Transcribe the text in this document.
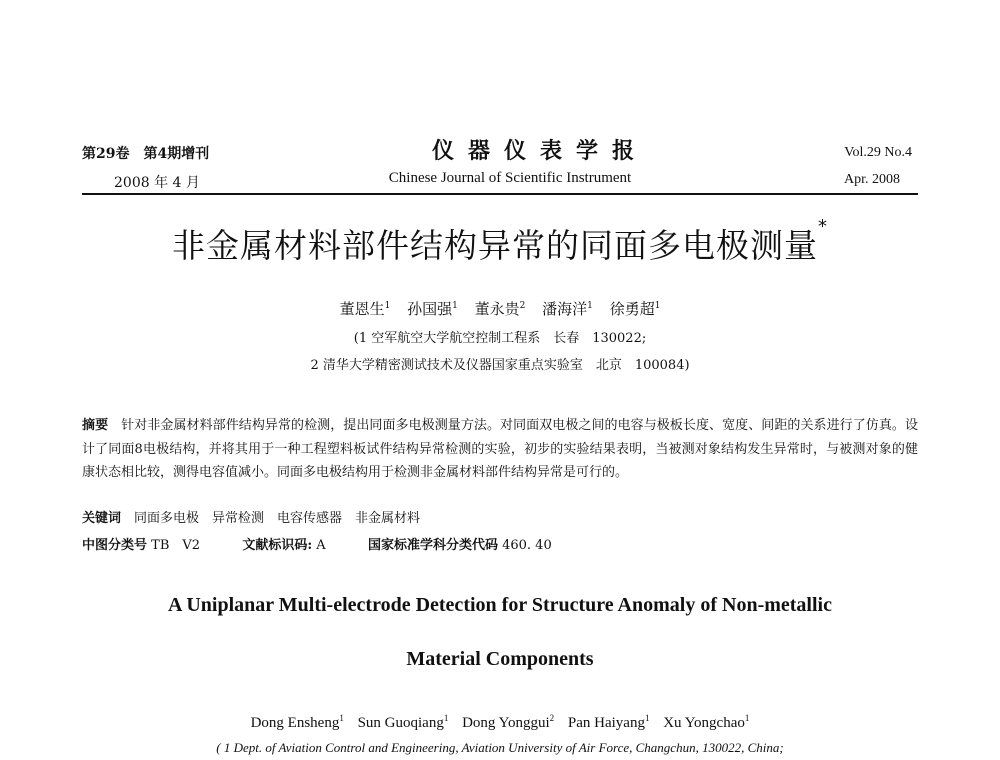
第29卷　第4期增刊
2008 年 4 月
仪器仪表学报
Chinese Journal of Scientific Instrument
Vol.29 No.4
Apr. 2008
非金属材料部件结构异常的同面多电极测量*
董恩生$^1$ 孙国强$^1$ 董永贵$^2$ 潘海洋$^1$ 徐勇超$^1$
(1 空军航空大学航空控制工程系　长春　130022;
2 清华大学精密测试技术及仪器国家重点实验室　北京　100084)
摘要　 针对非金属材料部件结构异常的检测，提出同面多电极测量方法。对同面双电极之间的电容与极板长度、宽度、间距的关系进行了仿真。设计了同面8电极结构，并将其用于一种工程塑料板试件结构异常检测的实验，初步的实验结果表明，当被测对象结构发生异常时，与被测对象的健康状态相比较，测得电容值减小。同面多电极结构用于检测非金属材料部件结构异常是可行的。
关键词　 同面多电极　异常检测　电容传感器　非金属材料
中图分类号 TB　V2	文献标识码: A	国家标准学科分类代码 460. 40
A Uniplanar Multi-electrode Detection for Structure Anomaly of Non-metallic
Material Components
Dong Ensheng$^1$ Sun Guoqiang$^1$ Dong Yonggui$^2$ Pan Haiyang$^1$ Xu Yongchao$^1$
( 1 Dept. of Aviation Control and Engineering, Aviation University of Air Force, Changchun, 130022, China;
